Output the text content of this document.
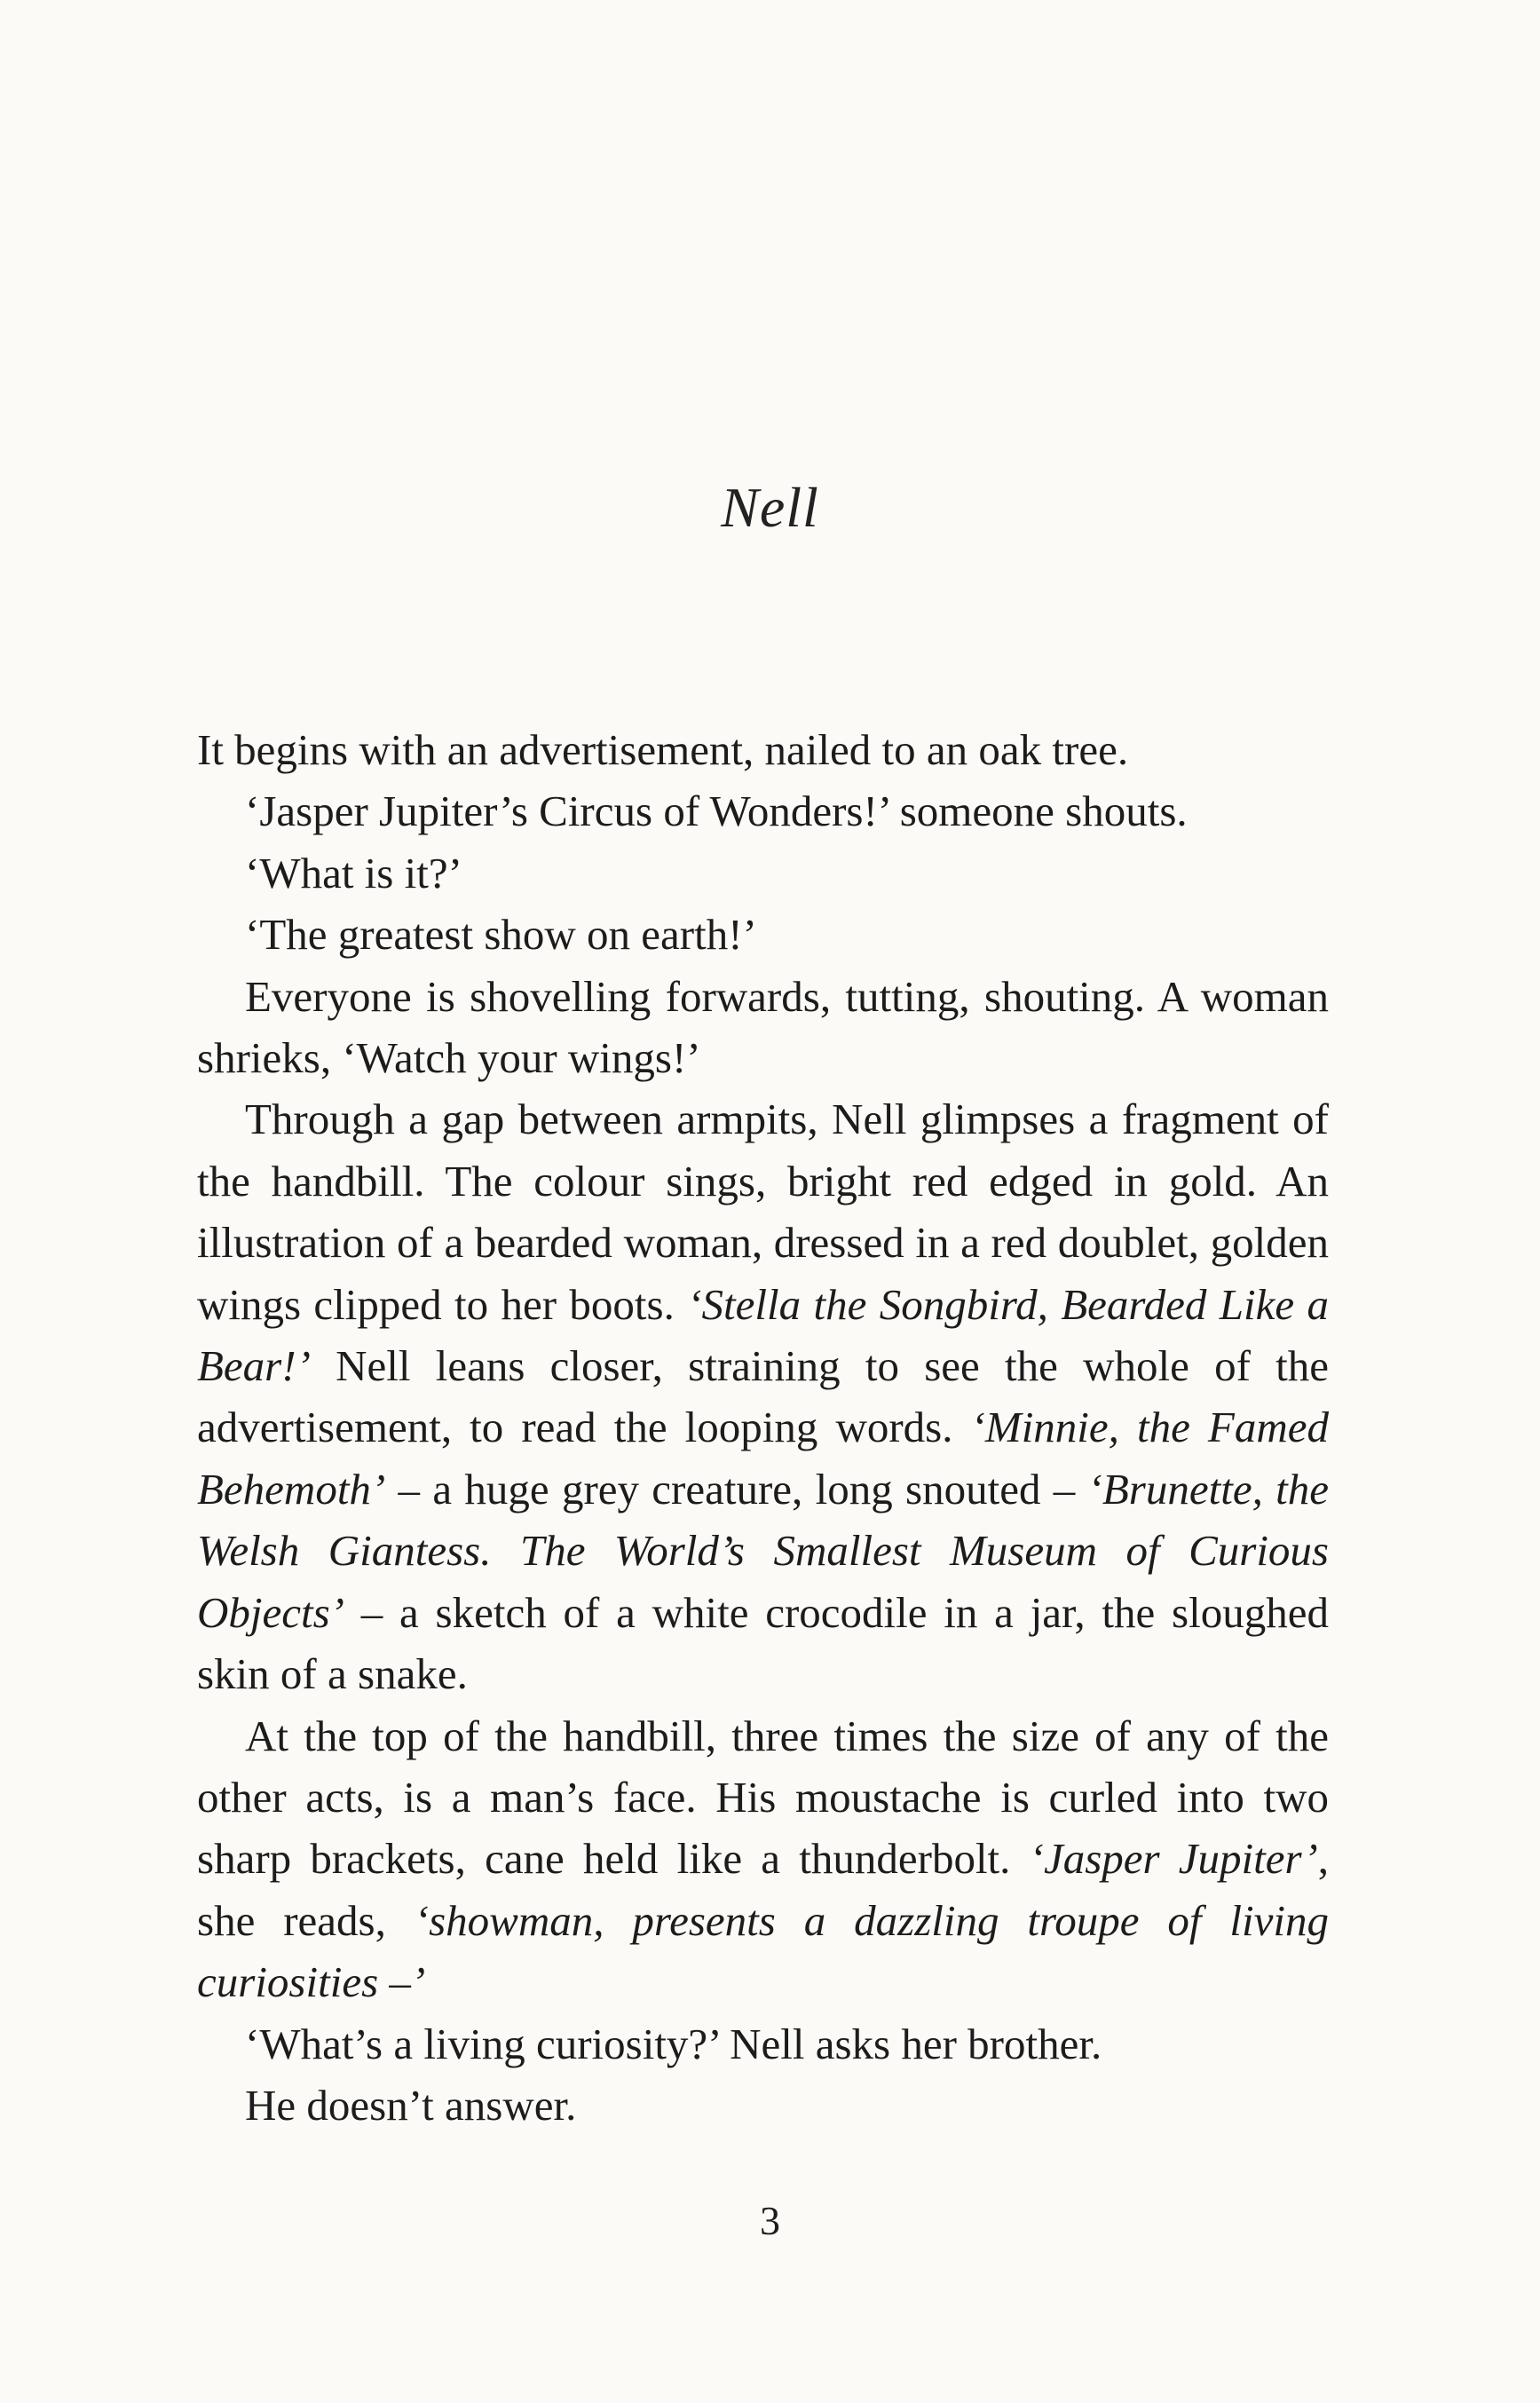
Nell

It begins with an advertisement, nailed to an oak tree.

‘Jasper Jupiter’s Circus of Wonders!’ someone shouts.

‘What is it?’

‘The greatest show on earth!’

Everyone is shovelling forwards, tutting, shouting. A woman shrieks, ‘Watch your wings!’

Through a gap between armpits, Nell glimpses a fragment of the handbill. The colour sings, bright red edged in gold. An illustration of a bearded woman, dressed in a red doublet, golden wings clipped to her boots. ‘Stella the Songbird, Bearded Like a Bear!’ Nell leans closer, straining to see the whole of the advertisement, to read the looping words. ‘Minnie, the Famed Behemoth’ – a huge grey creature, long snouted – ‘Brunette, the Welsh Giantess. The World’s Smallest Museum of Curious Objects’ – a sketch of a white crocodile in a jar, the sloughed skin of a snake.

At the top of the handbill, three times the size of any of the other acts, is a man’s face. His moustache is curled into two sharp brackets, cane held like a thunderbolt. ‘Jasper Jupiter’, she reads, ‘showman, presents a dazzling troupe of living curiosities –’

‘What’s a living curiosity?’ Nell asks her brother.

He doesn’t answer.

3
